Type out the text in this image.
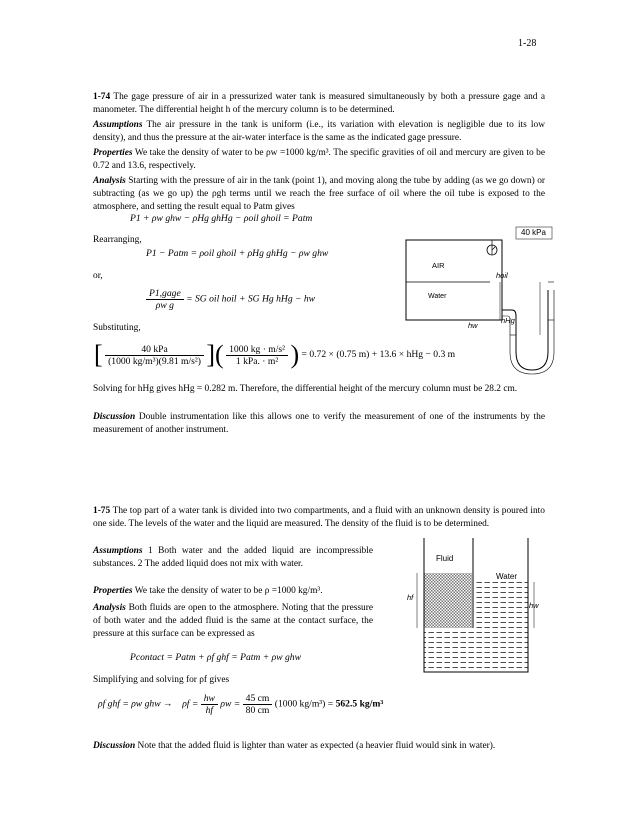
1-28
1-74 The gage pressure of air in a pressurized water tank is measured simultaneously by both a pressure gage and a manometer. The differential height h of the mercury column is to be determined.
Assumptions The air pressure in the tank is uniform (i.e., its variation with elevation is negligible due to its low density), and thus the pressure at the air-water interface is the same as the indicated gage pressure.
Properties We take the density of water to be ρw =1000 kg/m³. The specific gravities of oil and mercury are given to be 0.72 and 13.6, respectively.
Analysis Starting with the pressure of air in the tank (point 1), and moving along the tube by adding (as we go down) or subtracting (as we go up) the ρgh terms until we reach the free surface of oil where the oil tube is exposed to the atmosphere, and setting the result equal to Patm gives
P1 + ρw ghw − ρHg ghHg − ρoil ghoil = Patm
Rearranging,
P1 − Patm = ρoil ghoil + ρHg ghHg − ρw ghw
or,
$\frac{\text{P1,gage}}{\text{ρw g}}$ = SG oil hoil + SG Hg hHg − hw
Substituting,
[ $\frac{\text{40 kPa}}{\text{(1000 kg/m³)(9.81 m/s²)}}$ ]( $\frac{\text{1000 kg · m/s²}}{\text{1 kPa. · m²}}$ ) = 0.72 × (0.75 m) + 13.6 × hHg − 0.3 m
Solving for hHg gives hHg = 0.282 m. Therefore, the differential height of the mercury column must be 28.2 cm.
Discussion Double instrumentation like this allows one to verify the measurement of one of the instruments by the measurement of another instrument.
40 kPa
AIR
Water
hoil
hHg
hw
1-75 The top part of a water tank is divided into two compartments, and a fluid with an unknown density is poured into one side. The levels of the water and the liquid are measured. The density of the fluid is to be determined.
Assumptions 1 Both water and the added liquid are incompressible substances. 2 The added liquid does not mix with water.
Properties We take the density of water to be ρ =1000 kg/m³.
Analysis Both fluids are open to the atmosphere. Noting that the pressure of both water and the added fluid is the same at the contact surface, the pressure at this surface can be expressed as
Pcontact = Patm + ρf ghf = Patm + ρw ghw
Simplifying and solving for ρf gives
ρf ghf = ρw ghw → $\rho f = \frac{hw}{hf}$ $\rho w = \frac{45 cm}{80 cm} (1000$ kg/m³) = 562.5 kg/m³
Discussion Note that the added fluid is lighter than water as expected (a heavier fluid would sink in water).
Fluid
Water
hf
hw
